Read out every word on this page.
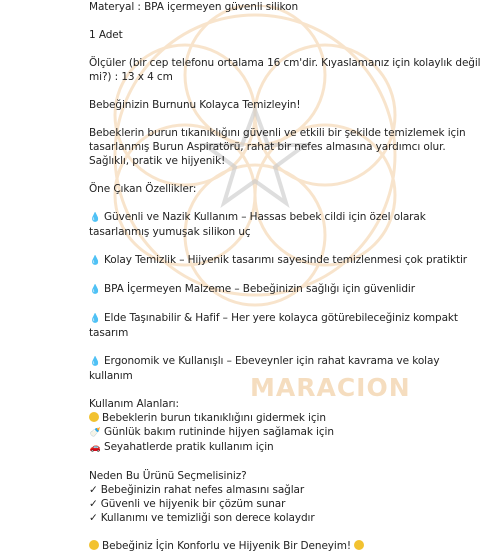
MARACION
Materyal : BPA içermeyen güvenli silikon
1 Adet
Ölçüler (bir cep telefonu ortalama 16 cm'dir. Kıyaslamanız için kolaylık değil
mi?) : 13 x 4 cm
Bebeğinizin Burnunu Kolayca Temizleyin!
Bebeklerin burun tıkanıklığını güvenli ve etkili bir şekilde temizlemek için
tasarlanmış Burun Aspiratörü, rahat bir nefes almasına yardımcı olur.
Sağlıklı, pratik ve hijyenik!
Öne Çıkan Özellikler:
💧 Güvenli ve Nazik Kullanım – Hassas bebek cildi için özel olarak
tasarlanmış yumuşak silikon uç
💧 Kolay Temizlik – Hijyenik tasarımı sayesinde temizlenmesi çok pratiktir
💧 BPA İçermeyen Malzeme – Bebeğinizin sağlığı için güvenlidir
💧 Elde Taşınabilir & Hafif – Her yere kolayca götürebileceğiniz kompakt
tasarım
💧 Ergonomik ve Kullanışlı – Ebeveynler için rahat kavrama ve kolay
kullanım
Kullanım Alanları:
Bebeklerin burun tıkanıklığını gidermek için
🍼 Günlük bakım rutininde hijyen sağlamak için
🚗 Seyahatlerde pratik kullanım için
Neden Bu Ürünü Seçmelisiniz?
✓ Bebeğinizin rahat nefes almasını sağlar
✓ Güvenli ve hijyenik bir çözüm sunar
✓ Kullanımı ve temizliği son derece kolaydır
Bebeğiniz İçin Konforlu ve Hijyenik Bir Deneyim!
